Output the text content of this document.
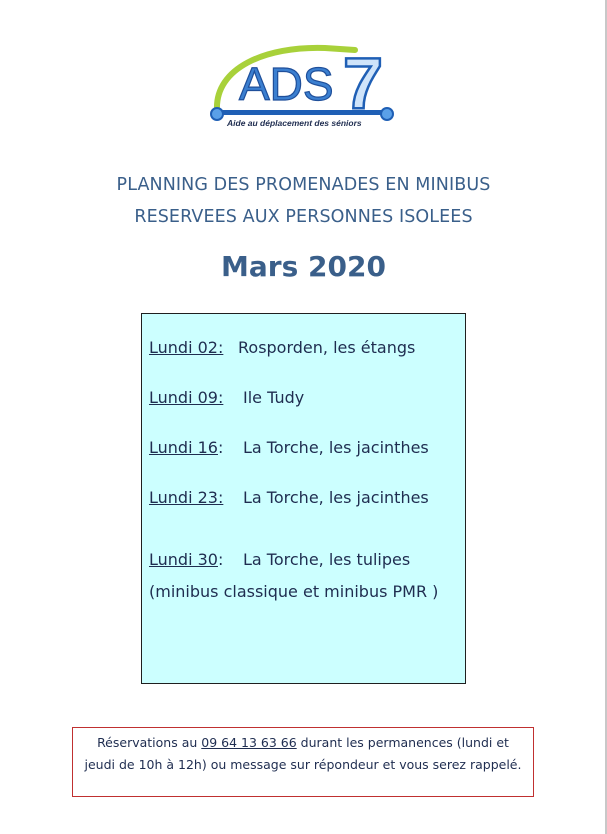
ADS 7
Aide au déplacement des séniors
PLANNING DES PROMENADES EN MINIBUS
RESERVEES AUX PERSONNES ISOLEES
Mars 2020
Lundi 02: Rosporden, les étangs
Lundi 09: Ile Tudy
Lundi 16: La Torche, les jacinthes
Lundi 23: La Torche, les jacinthes
Lundi 30: La Torche, les tulipes
(minibus classique et minibus PMR )
Réservations au 09 64 13 63 66 durant les permanences (lundi et jeudi de 10h à 12h) ou message sur répondeur et vous serez rappelé.
